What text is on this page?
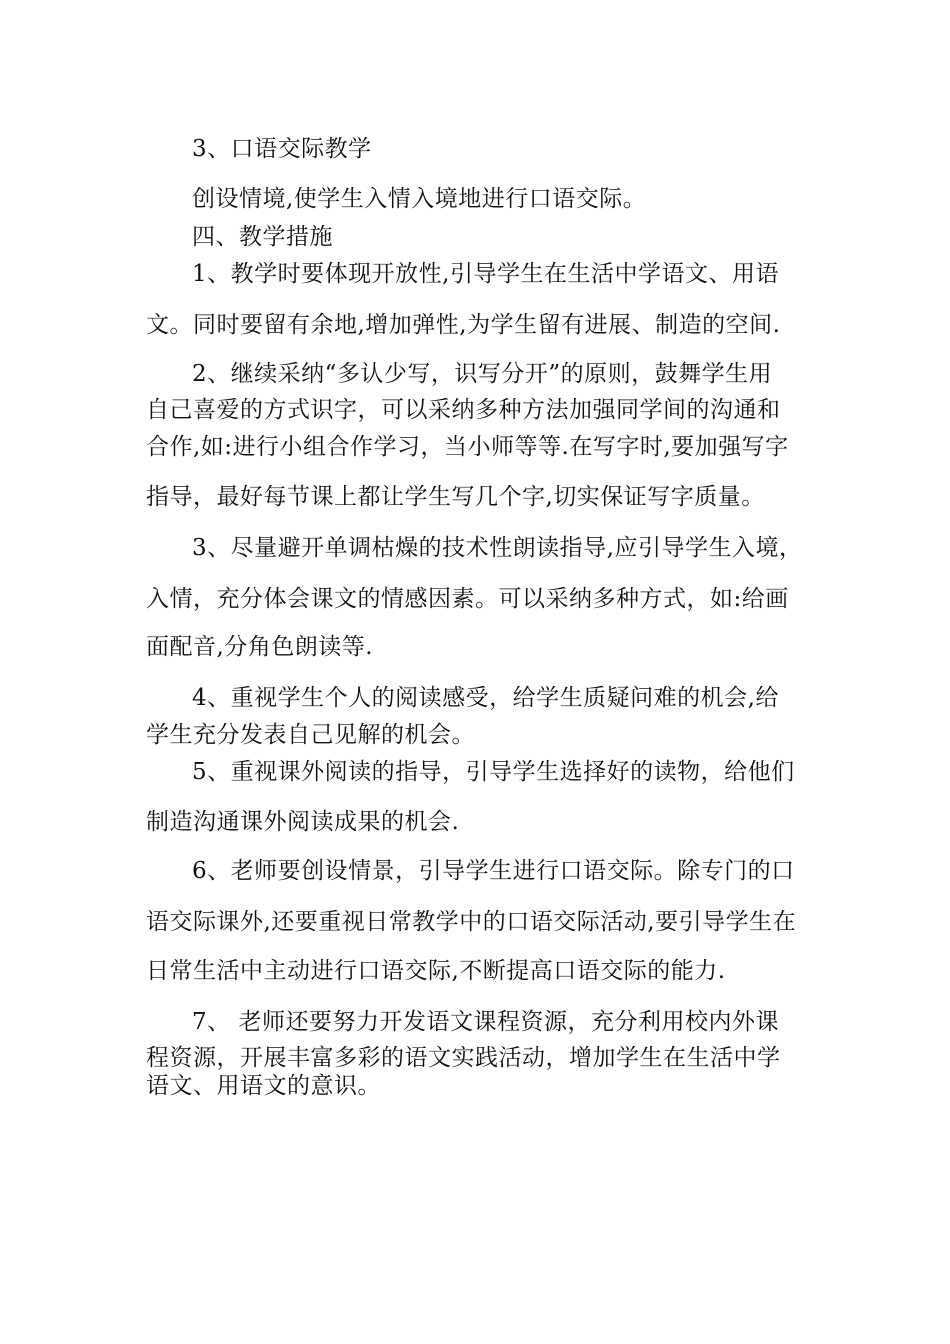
3、口语交际教学
创设情境,使学生入情入境地进行口语交际。
四、教学措施
1、教学时要体现开放性,引导学生在生活中学语文、用语
文。同时要留有余地,增加弹性,为学生留有进展、制造的空间.
2、继续采纳“多认少写，识写分开”的原则，鼓舞学生用
自己喜爱的方式识字，可以采纳多种方法加强同学间的沟通和
合作,如:进行小组合作学习，当小师等等.在写字时,要加强写字
指导，最好每节课上都让学生写几个字,切实保证写字质量。
3、尽量避开单调枯燥的技术性朗读指导,应引导学生入境，
入情，充分体会课文的情感因素。可以采纳多种方式，如:给画
面配音,分角色朗读等.
4、重视学生个人的阅读感受，给学生质疑问难的机会,给
学生充分发表自己见解的机会。
5、重视课外阅读的指导，引导学生选择好的读物，给他们
制造沟通课外阅读成果的机会.
6、老师要创设情景，引导学生进行口语交际。除专门的口
语交际课外,还要重视日常教学中的口语交际活动,要引导学生在
日常生活中主动进行口语交际,不断提高口语交际的能力.
7、 老师还要努力开发语文课程资源，充分利用校内外课
程资源，开展丰富多彩的语文实践活动，增加学生在生活中学
语文、用语文的意识。
